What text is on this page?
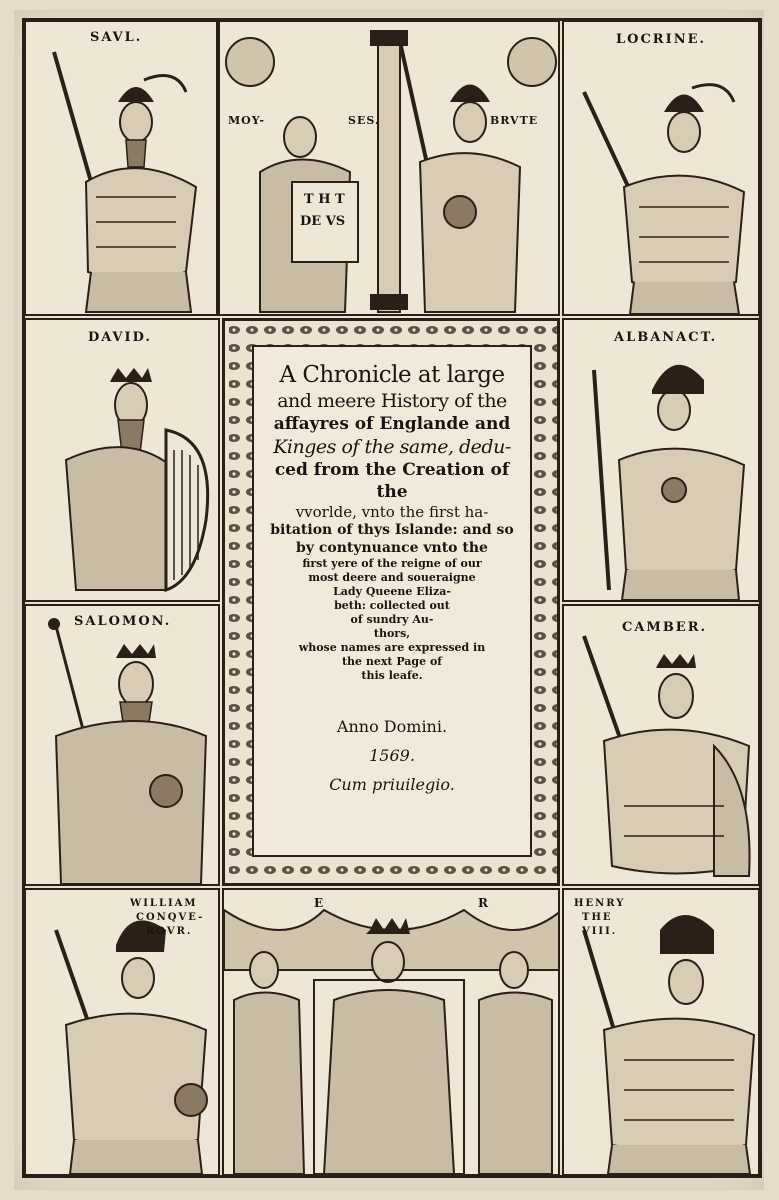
SAVL.
MOY-	SES.	BRVTE
T H T
DE VS
LOCRINE.
DAVID.

A Chronicle at large

and meere History of the

affayres of Englande and

Kinges of the same, dedu-

ced from the Creation of the

vvorlde, vnto the first ha-

bitation of thys Islande: and so

by contynuance vnto the

first yere of the reigne of our

most deere and soueraigne

Lady Queene Eliza-

beth: collected out

of sundry Au-

thors,

whose names are expressed in

the next Page of

this leafe.

Anno Domini.
1569.
Cum priuilegio.
ALBANACT.
SALOMON.	CAMBER.
WILLIAM
CONQVE-
ROVR.
E	R	HENRY
THE
VIII.
